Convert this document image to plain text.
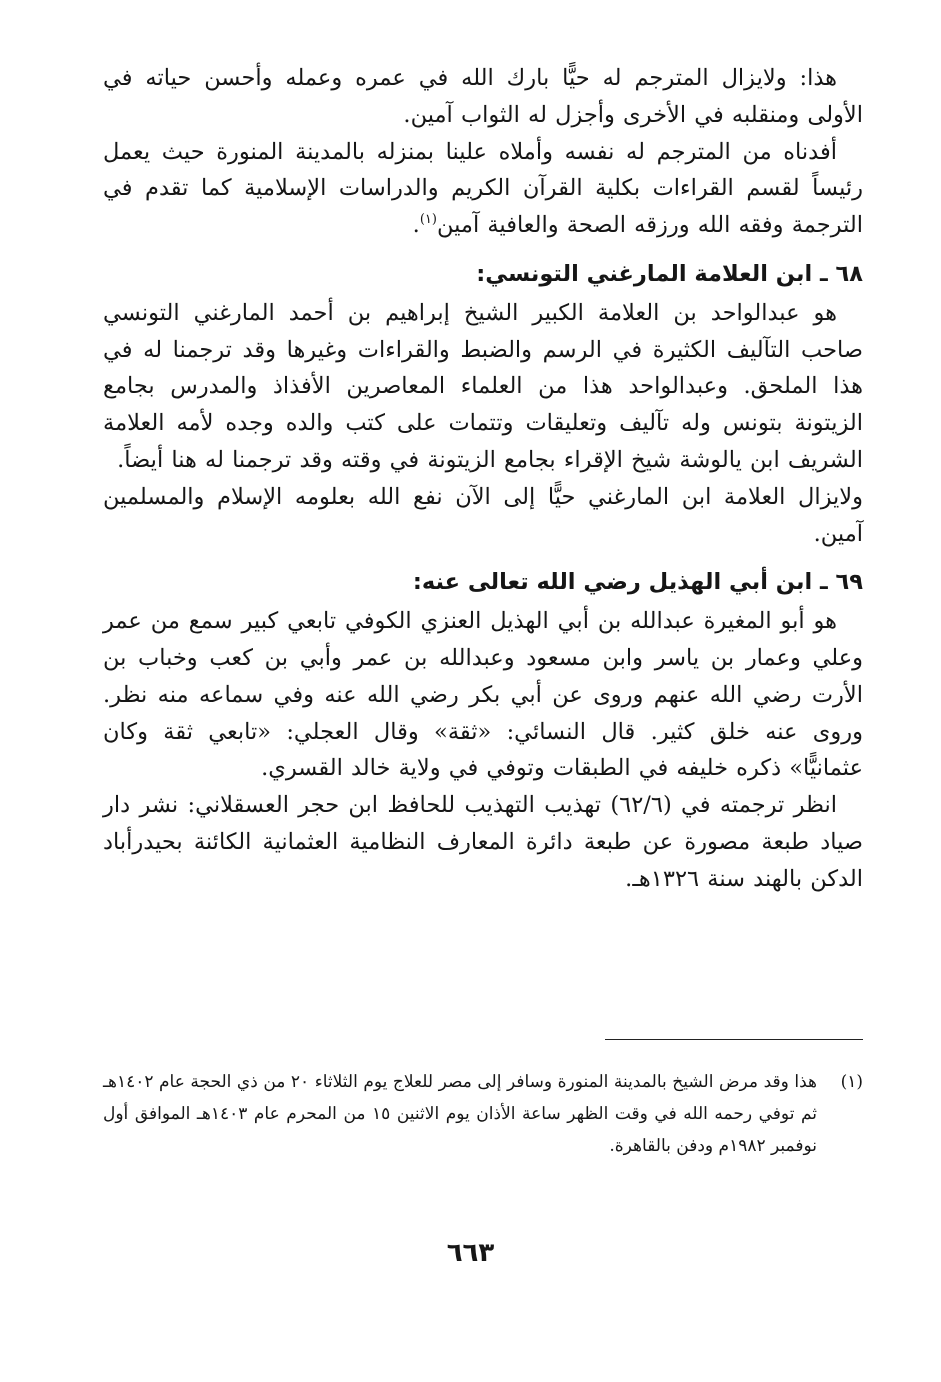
هذا: ولايزال المترجم له حيًّا بارك الله في عمره وعمله وأحسن حياته في الأولى ومنقلبه في الأخرى وأجزل له الثواب آمين.

أفدناه من المترجم له نفسه وأملاه علينا بمنزله بالمدينة المنورة حيث يعمل رئيساً لقسم القراءات بكلية القرآن الكريم والدراسات الإسلامية كما تقدم في الترجمة وفقه الله ورزقه الصحة والعافية آمين$^{(١)}$.

٦٨ ـ ابن العلامة المارغني التونسي:

هو عبدالواحد بن العلامة الكبير الشيخ إبراهيم بن أحمد المارغني التونسي صاحب التآليف الكثيرة في الرسم والضبط والقراءات وغيرها وقد ترجمنا له في هذا الملحق. وعبدالواحد هذا من العلماء المعاصرين الأفذاذ والمدرس بجامع الزيتونة بتونس وله تآليف وتعليقات وتتمات على كتب والده وجده لأمه العلامة الشريف ابن يالوشة شيخ الإقراء بجامع الزيتونة في وقته وقد ترجمنا له هنا أيضاً.

ولايزال العلامة ابن المارغني حيًّا إلى الآن نفع الله بعلومه الإسلام والمسلمين آمين.

٦٩ ـ ابن أبي الهذيل رضي الله تعالى عنه:

هو أبو المغيرة عبدالله بن أبي الهذيل العنزي الكوفي تابعي كبير سمع من عمر وعلي وعمار بن ياسر وابن مسعود وعبدالله بن عمر وأبي بن كعب وخباب بن الأرت رضي الله عنهم وروى عن أبي بكر رضي الله عنه وفي سماعه منه نظر. وروى عنه خلق كثير. قال النسائي: «ثقة» وقال العجلي: «تابعي ثقة وكان عثمانيًّا» ذكره خليفه في الطبقات وتوفي في ولاية خالد القسري.

انظر ترجمته في (٦٢/٦) تهذيب التهذيب للحافظ ابن حجر العسقلاني: نشر دار صياد طبعة مصورة عن طبعة دائرة المعارف النظامية العثمانية الكائنة بحيدرأباد الدكن بالهند سنة ١٣٢٦هـ.

(١)
هذا وقد مرض الشيخ بالمدينة المنورة وسافر إلى مصر للعلاج يوم الثلاثاء ٢٠ من ذي الحجة عام ١٤٠٢هـ ثم توفي رحمه الله في وقت الظهر ساعة الأذان يوم الاثنين ١٥ من المحرم عام ١٤٠٣هـ الموافق أول نوفمبر ١٩٨٢م ودفن بالقاهرة.
٦٦٣
